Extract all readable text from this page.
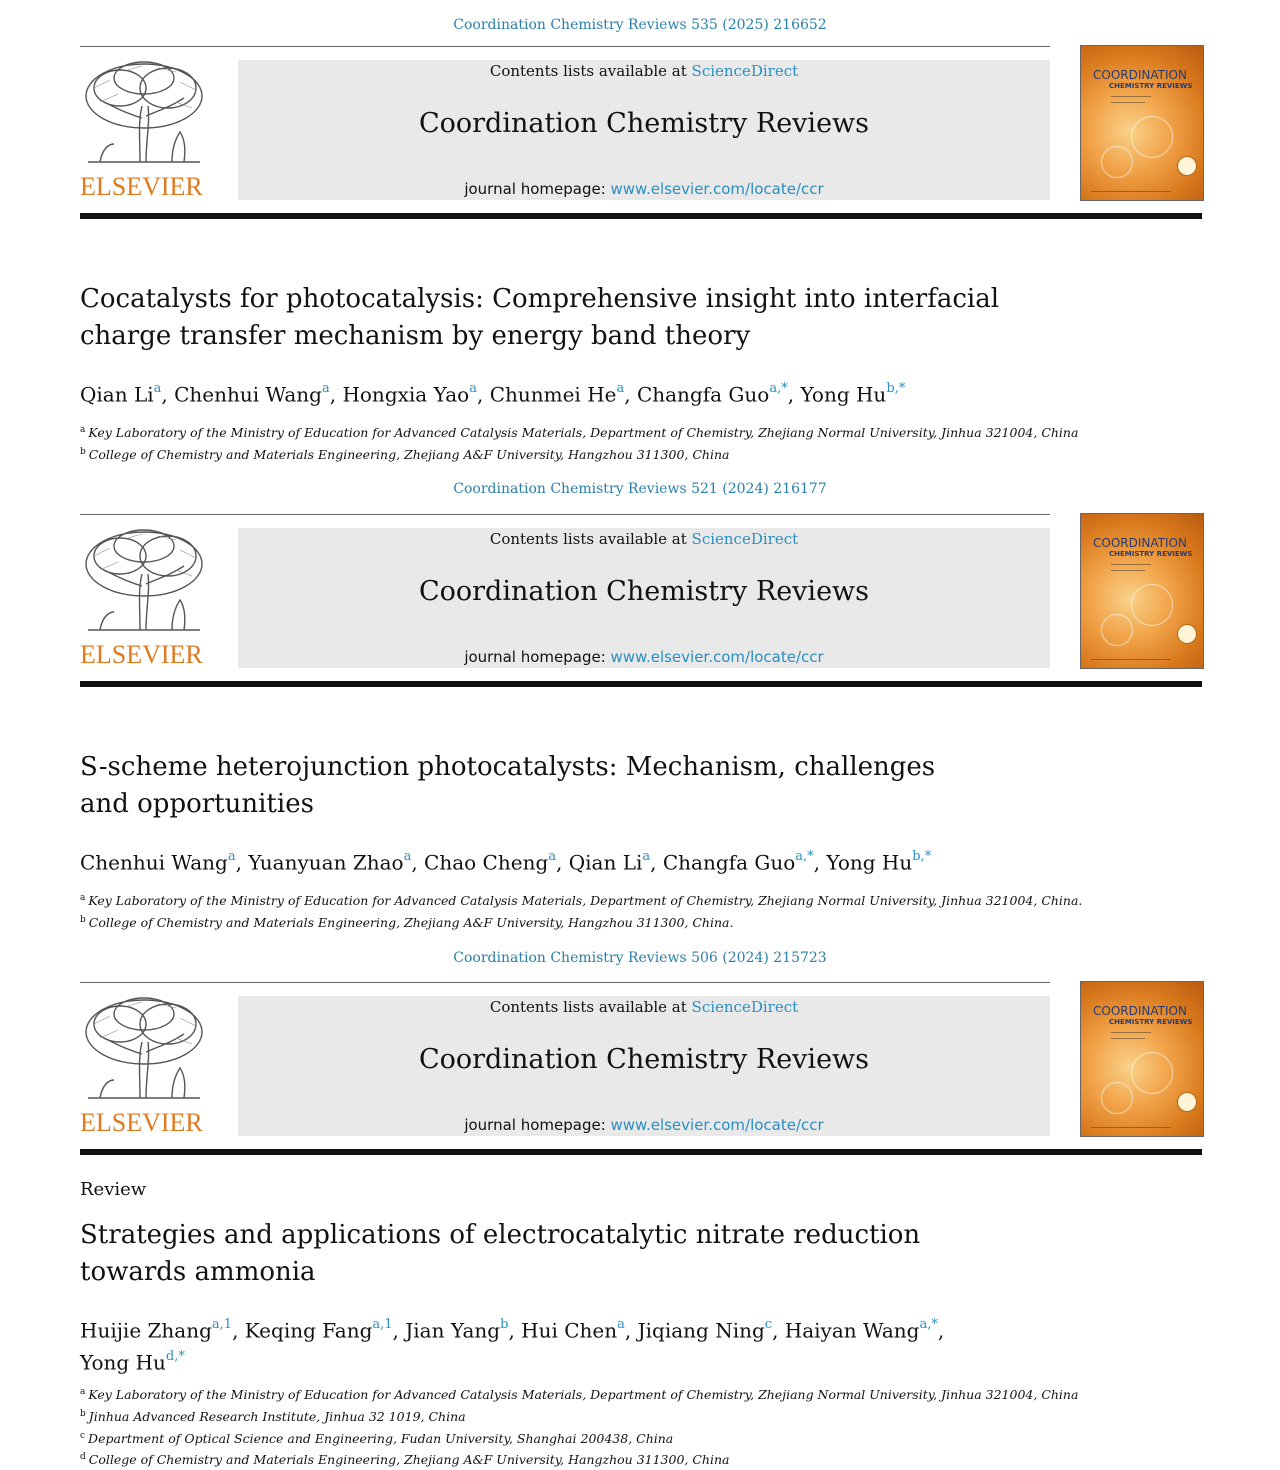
Coordination Chemistry Reviews 535 (2025) 216652
ELSEVIER
Contents lists available at ScienceDirect
Coordination Chemistry Reviews
journal homepage: www.elsevier.com/locate/ccr
COORDINATION
CHEMISTRY REVIEWS
Cocatalysts for photocatalysis: Comprehensive insight into interfacial
charge transfer mechanism by energy band theory
Qian Li$^a$, Chenhui Wang$^a$, Hongxia Yao$^a$, Chunmei He$^a$, Changfa Guo$^{a,*}$, Yong $Hu^{b,*}$
$^a$ Key Laboratory of the Ministry of Education for Advanced Catalysis Materials, Department of Chemistry, Zhejiang Normal University, Jinhua 321004, China
$^b$ College of Chemistry and Materials Engineering, Zhejiang A&F University, Hangzhou 311300, China
Coordination Chemistry Reviews 521 (2024) 216177
ELSEVIER
Contents lists available at ScienceDirect
Coordination Chemistry Reviews
journal homepage: www.elsevier.com/locate/ccr
COORDINATION
CHEMISTRY REVIEWS
S-scheme heterojunction photocatalysts: Mechanism, challenges
and opportunities
Chenhui Wang$^a$, Yuanyuan Zhao$^a$, Chao Cheng$^a$, Qian Li$^a$, Changfa Guo$^{a,*}$, Yong $Hu^{b,*}$
$^a$ Key Laboratory of the Ministry of Education for Advanced Catalysis Materials, Department of Chemistry, Zhejiang Normal University, Jinhua 321004, China.
$^b$ College of Chemistry and Materials Engineering, Zhejiang A&F University, Hangzhou 311300, China.
Coordination Chemistry Reviews 506 (2024) 215723
ELSEVIER
Contents lists available at ScienceDirect
Coordination Chemistry Reviews
journal homepage: www.elsevier.com/locate/ccr
COORDINATION
CHEMISTRY REVIEWS
Review
Strategies and applications of electrocatalytic nitrate reduction
towards ammonia
Huijie Zhang$^{a,1}$, Keqing Fang$^{a,1}$, Jian Yang$^b$, Hui Chen$^a$, Jiqiang Ning$^c$, Haiyan Wang$^{a,*}$,
Yong $Hu^{d,*}$
$^a$ Key Laboratory of the Ministry of Education for Advanced Catalysis Materials, Department of Chemistry, Zhejiang Normal University, Jinhua 321004, China
$^b$ Jinhua Advanced Research Institute, Jinhua 32 1019, China
$^c$ Department of Optical Science and Engineering, Fudan University, Shanghai 200438, China
$^d$ College of Chemistry and Materials Engineering, Zhejiang A&F University, Hangzhou 311300, China
